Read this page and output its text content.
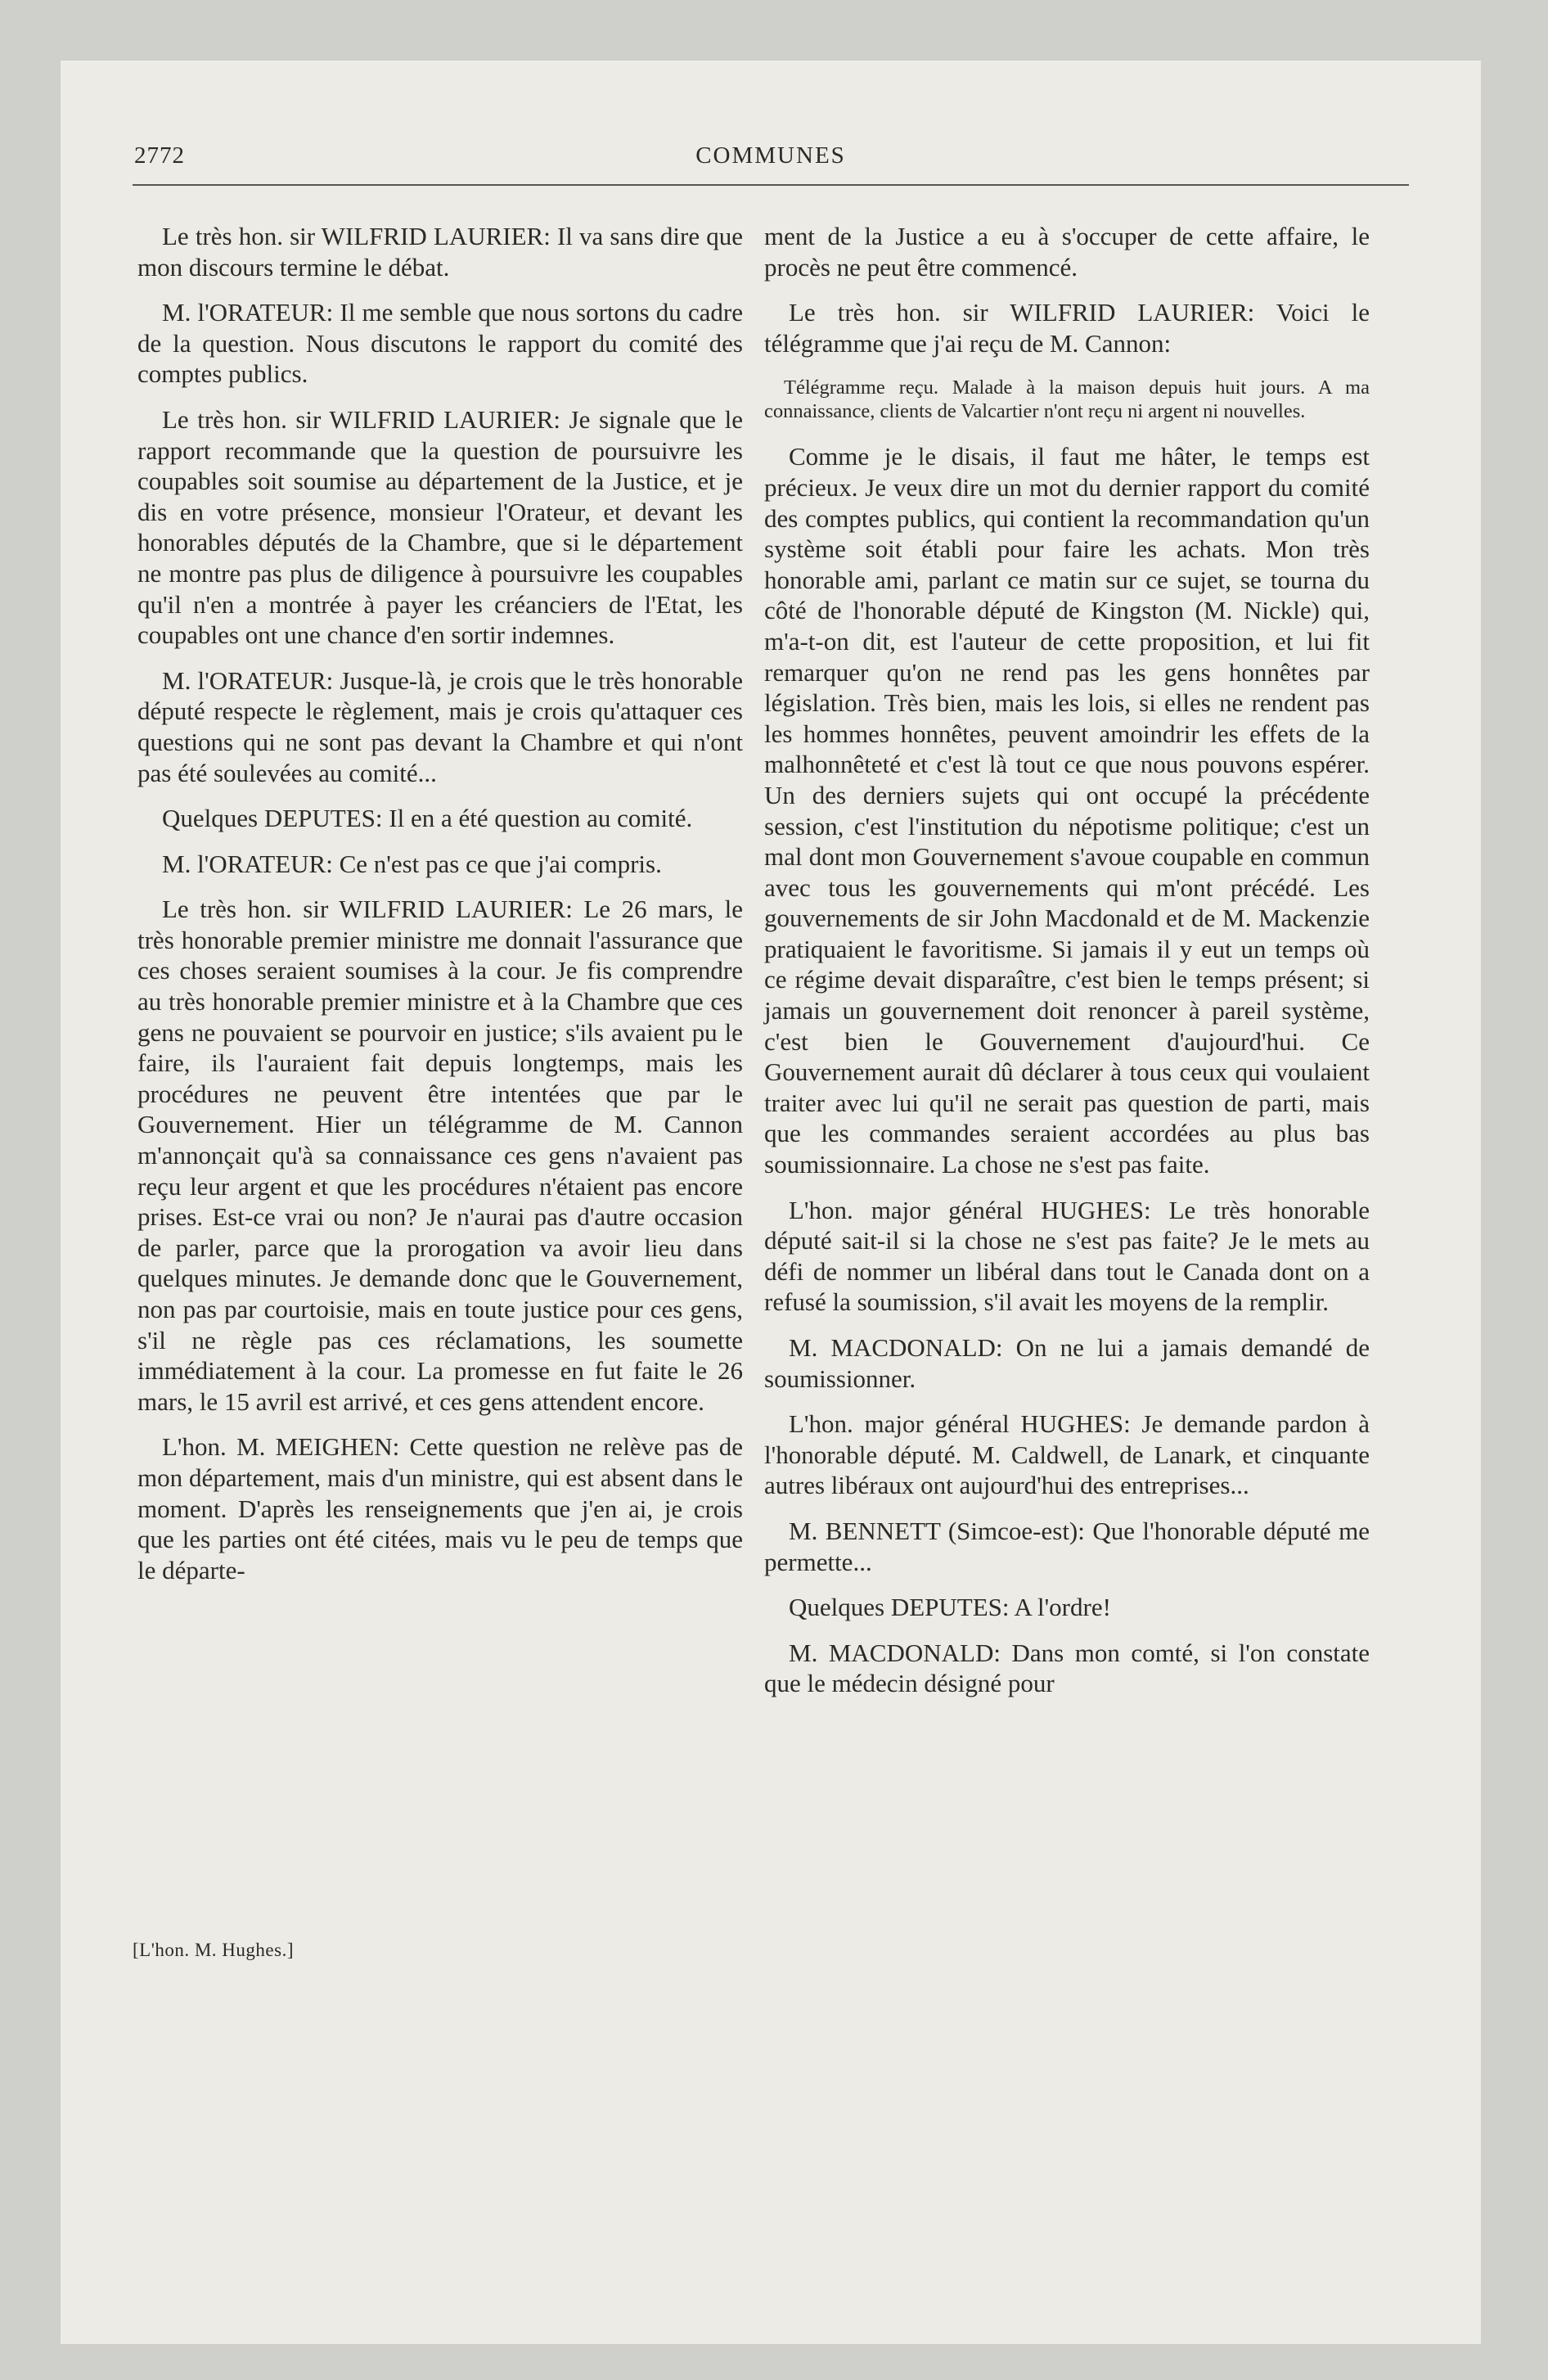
2772	COMMUNES

Le très hon. sir WILFRID LAURIER: Il va sans dire que mon discours termine le débat.

M. l'ORATEUR: Il me semble que nous sortons du cadre de la question. Nous discutons le rapport du comité des comptes publics.

Le très hon. sir WILFRID LAURIER: Je signale que le rapport recommande que la question de poursuivre les coupables soit soumise au département de la Justice, et je dis en votre présence, monsieur l'Orateur, et devant les honorables députés de la Chambre, que si le département ne montre pas plus de diligence à poursuivre les coupables qu'il n'en a montrée à payer les créanciers de l'Etat, les coupables ont une chance d'en sortir indemnes.

M. l'ORATEUR: Jusque-là, je crois que le très honorable député respecte le règlement, mais je crois qu'attaquer ces questions qui ne sont pas devant la Chambre et qui n'ont pas été soulevées au comité...

Quelques DEPUTES: Il en a été question au comité.

M. l'ORATEUR: Ce n'est pas ce que j'ai compris.

Le très hon. sir WILFRID LAURIER: Le 26 mars, le très honorable premier ministre me donnait l'assurance que ces choses seraient soumises à la cour. Je fis comprendre au très honorable premier ministre et à la Chambre que ces gens ne pouvaient se pourvoir en justice; s'ils avaient pu le faire, ils l'auraient fait depuis longtemps, mais les procédures ne peuvent être intentées que par le Gouvernement. Hier un télégramme de M. Cannon m'annonçait qu'à sa connaissance ces gens n'avaient pas reçu leur argent et que les procédures n'étaient pas encore prises. Est-ce vrai ou non? Je n'aurai pas d'autre occasion de parler, parce que la prorogation va avoir lieu dans quelques minutes. Je demande donc que le Gouvernement, non pas par courtoisie, mais en toute justice pour ces gens, s'il ne règle pas ces réclamations, les soumette immédiatement à la cour. La promesse en fut faite le 26 mars, le 15 avril est arrivé, et ces gens attendent encore.

L'hon. M. MEIGHEN: Cette question ne relève pas de mon département, mais d'un ministre, qui est absent dans le moment. D'après les renseignements que j'en ai, je crois que les parties ont été citées, mais vu le peu de temps que le départe-

ment de la Justice a eu à s'occuper de cette affaire, le procès ne peut être commencé.

Le très hon. sir WILFRID LAURIER: Voici le télégramme que j'ai reçu de M. Cannon:

Télégramme reçu. Malade à la maison depuis huit jours. A ma connaissance, clients de Valcartier n'ont reçu ni argent ni nouvelles.

Comme je le disais, il faut me hâter, le temps est précieux. Je veux dire un mot du dernier rapport du comité des comptes publics, qui contient la recommandation qu'un système soit établi pour faire les achats. Mon très honorable ami, parlant ce matin sur ce sujet, se tourna du côté de l'honorable député de Kingston (M. Nickle) qui, m'a-t-on dit, est l'auteur de cette proposition, et lui fit remarquer qu'on ne rend pas les gens honnêtes par législation. Très bien, mais les lois, si elles ne rendent pas les hommes honnêtes, peuvent amoindrir les effets de la malhonnêteté et c'est là tout ce que nous pouvons espérer. Un des derniers sujets qui ont occupé la précédente session, c'est l'institution du népotisme politique; c'est un mal dont mon Gouvernement s'avoue coupable en commun avec tous les gouvernements qui m'ont précédé. Les gouvernements de sir John Macdonald et de M. Mackenzie pratiquaient le favoritisme. Si jamais il y eut un temps où ce régime devait disparaître, c'est bien le temps présent; si jamais un gouvernement doit renoncer à pareil système, c'est bien le Gouvernement d'aujourd'hui. Ce Gouvernement aurait dû déclarer à tous ceux qui voulaient traiter avec lui qu'il ne serait pas question de parti, mais que les commandes seraient accordées au plus bas soumissionnaire. La chose ne s'est pas faite.

L'hon. major général HUGHES: Le très honorable député sait-il si la chose ne s'est pas faite? Je le mets au défi de nommer un libéral dans tout le Canada dont on a refusé la soumission, s'il avait les moyens de la remplir.

M. MACDONALD: On ne lui a jamais demandé de soumissionner.

L'hon. major général HUGHES: Je demande pardon à l'honorable député. M. Caldwell, de Lanark, et cinquante autres libéraux ont aujourd'hui des entreprises...

M. BENNETT (Simcoe-est): Que l'honorable député me permette...

Quelques DEPUTES: A l'ordre!

M. MACDONALD: Dans mon comté, si l'on constate que le médecin désigné pour

[L'hon. M. Hughes.]
